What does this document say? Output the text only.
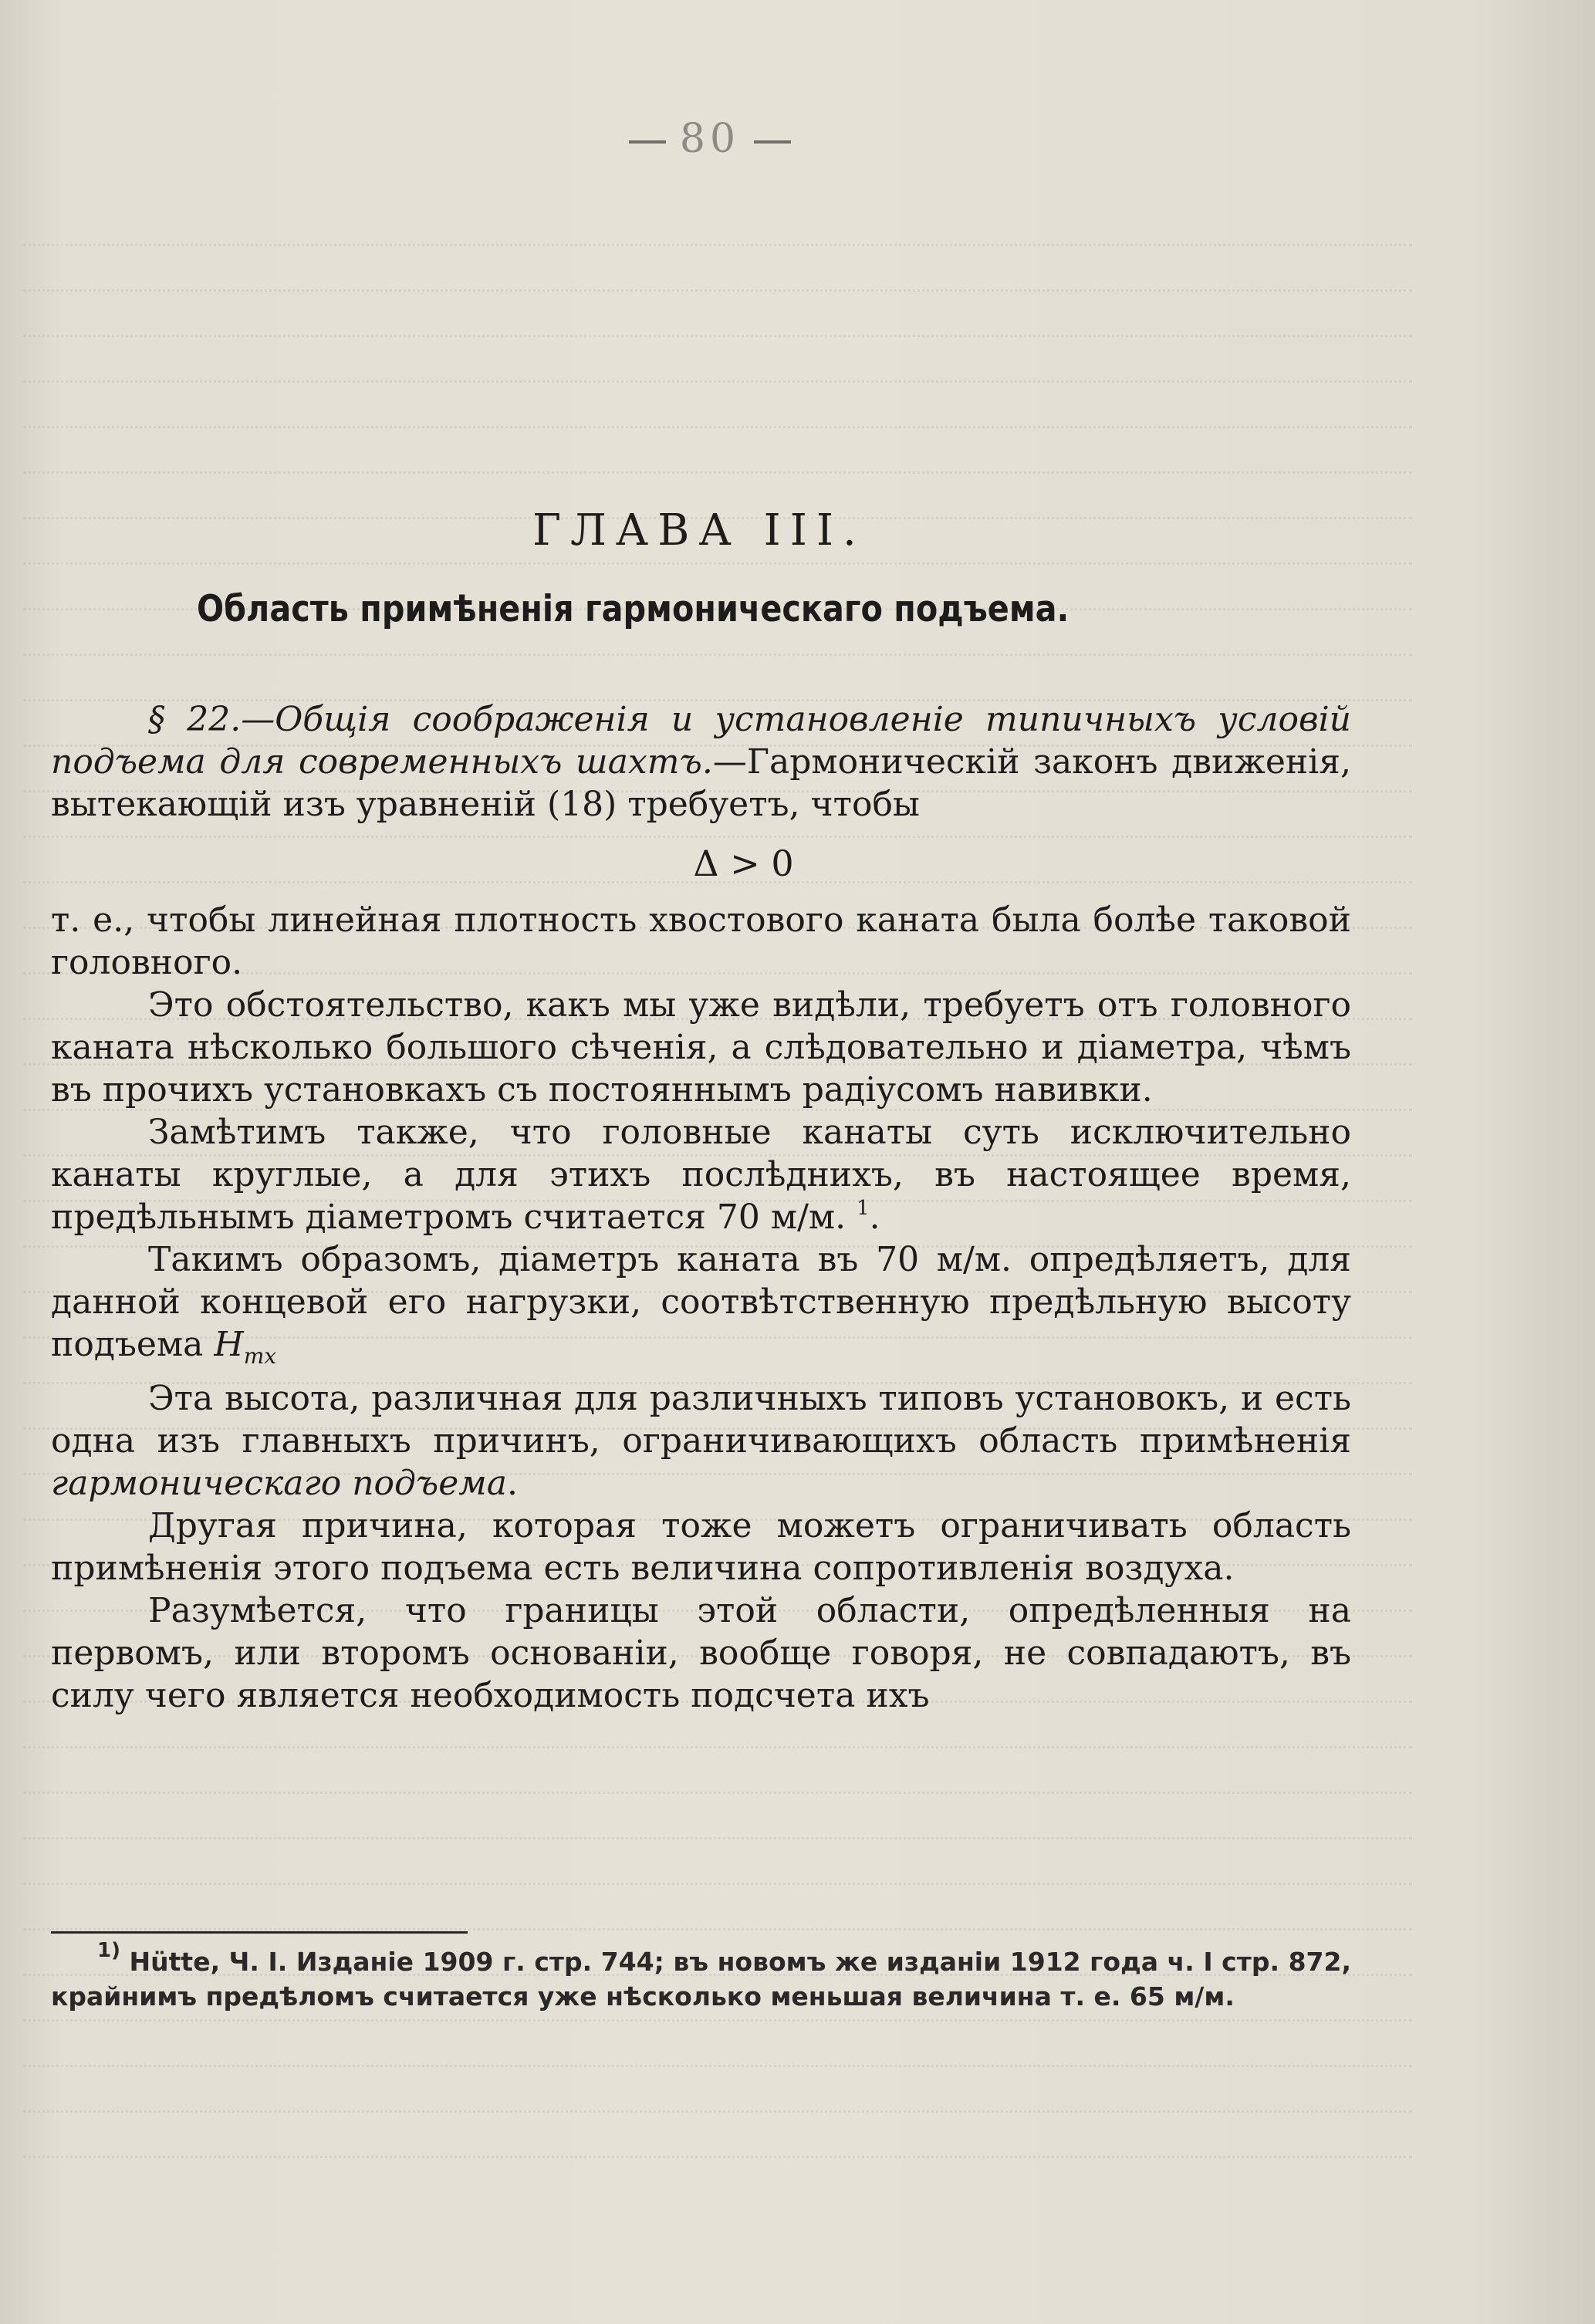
80
ГЛАВА III.
Область примѣненія гармоническаго подъема.

§ 22.—Общія соображенія и установленіе типичныхъ условій подъема для современныхъ шахтъ.—Гармоническій законъ движенія, вытекающій изъ уравненій (18) требуетъ, чтобы

Δ > 0

т. е., чтобы линейная плотность хвостового каната была болѣе таковой головного.

Это обстоятельство, какъ мы уже видѣли, требуетъ отъ головного каната нѣсколько большого сѣченія, а слѣдовательно и діаметра, чѣмъ въ прочихъ установкахъ съ постояннымъ радіусомъ навивки.

Замѣтимъ также, что головные канаты суть исключительно канаты круглые, а для этихъ послѣднихъ, въ настоящее время, предѣльнымъ діаметромъ считается 70 м/м. $^1$.

Такимъ образомъ, діаметръ каната въ 70 м/м. опредѣляетъ, для данной концевой его нагрузки, соотвѣтственную предѣльную высоту подъема $H_{mx}$

Эта высота, различная для различныхъ типовъ установокъ, и есть одна изъ главныхъ причинъ, ограничивающихъ область примѣненія гармоническаго подъема.

Другая причина, которая тоже можетъ ограничивать область примѣненія этого подъема есть величина сопротивленія воздуха.

Разумѣется, что границы этой области, опредѣленныя на первомъ, или второмъ основаніи, вообще говоря, не совпадаютъ, въ силу чего является необходимость подсчета ихъ

$^{1)}$ Hütte, Ч. I. Изданіе 1909 г. стр. 744; въ новомъ же изданіи 1912 года ч. I стр. 872, крайнимъ предѣломъ считается уже нѣсколько меньшая величина т. е. 65 м/м.
